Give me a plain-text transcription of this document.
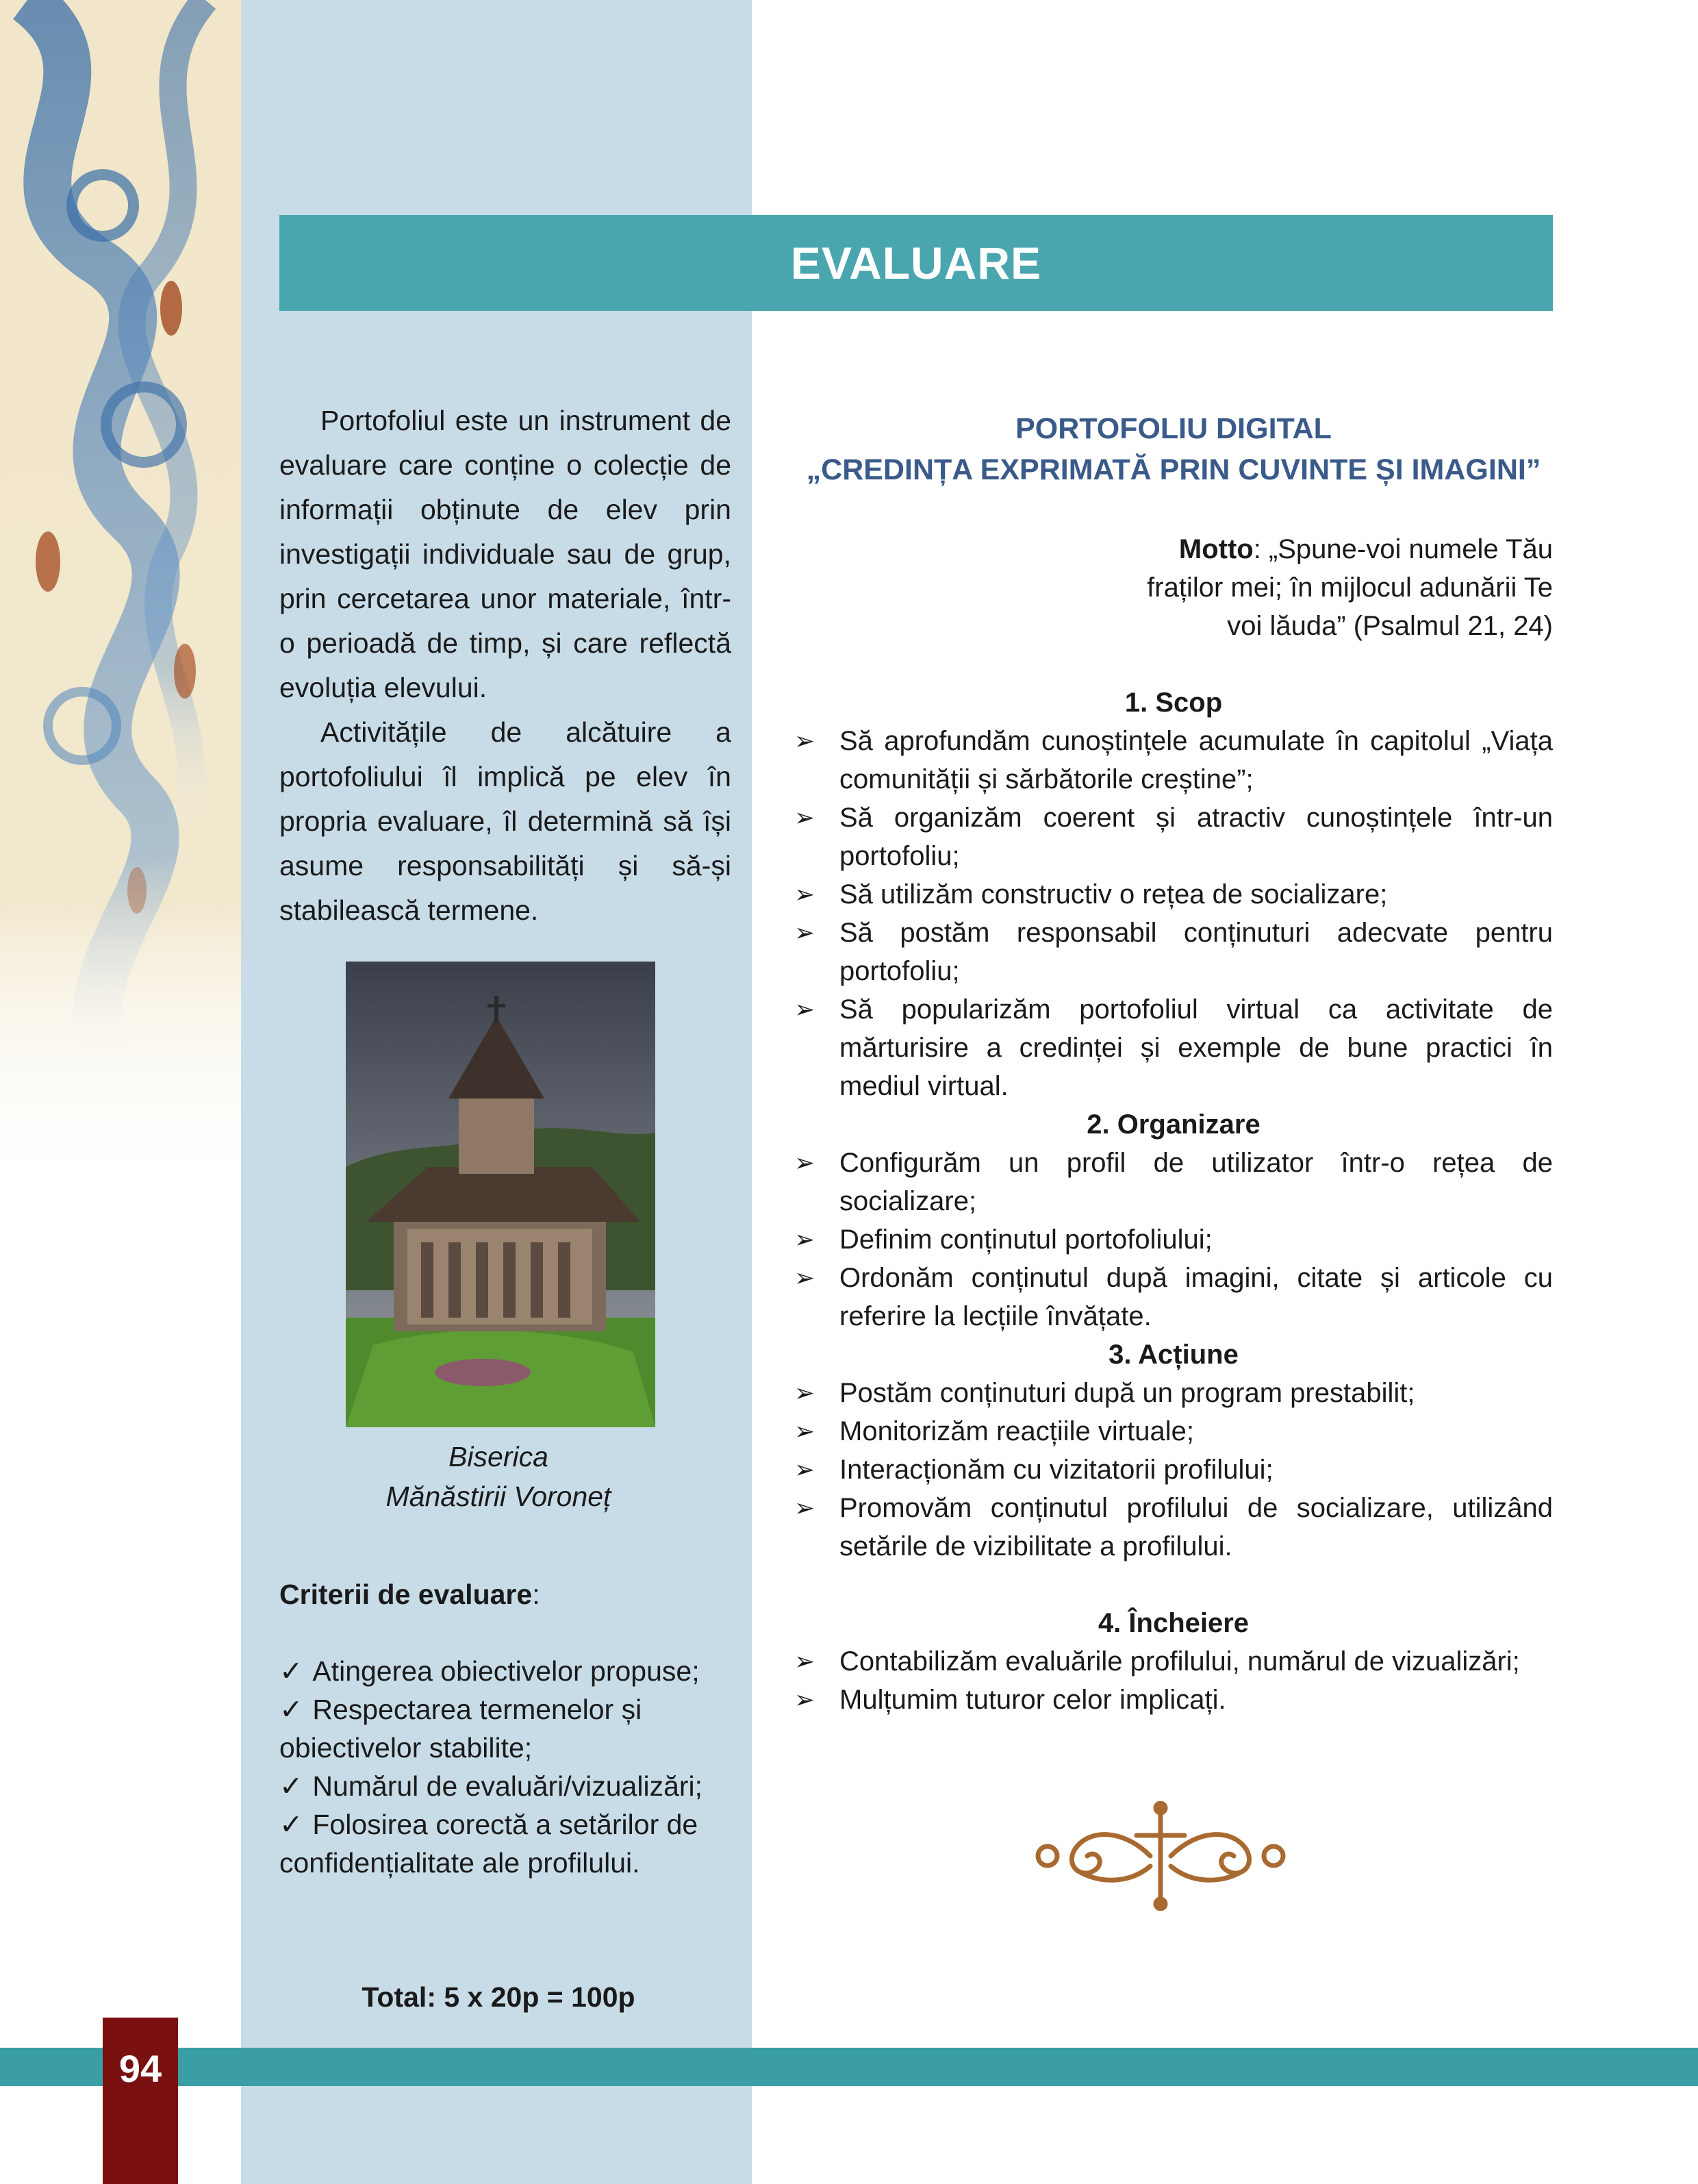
EVALUARE

Portofoliul este un instrument de evaluare care conține o colecție de informații obținute de elev prin investigații individuale sau de grup, prin cercetarea unor materiale, într-o perioadă de timp, și care reflectă evoluția elevului.

Activitățile de alcătuire a portofoliului îl implică pe elev în propria evaluare, îl determină să își asume responsabilități și să-și stabilească termene.

Biserica
Mănăstirii Voroneț
Criterii de evaluare:

✓ Atingerea obiectivelor propuse;

✓ Respectarea termenelor și obiectivelor stabilite;

✓ Numărul de evaluări/vizualizări;

✓ Folosirea corectă a setărilor de confidențialitate ale profilului.

Total: 5 x 20p = 100p
PORTOFOLIU DIGITAL
„CREDINȚA EXPRIMATĂ PRIN CUVINTE ȘI IMAGINI”
Motto: „Spune-voi numele Tău
fraților mei; în mijlocul adunării Te
voi lăuda” (Psalmul 21, 24)
1. Scop
➢ Să aprofundăm cunoștințele acumulate în capitolul „Viața comunității și sărbătorile creștine”;
➢ Să organizăm coerent și atractiv cunoștințele într-un portofoliu;
➢ Să utilizăm constructiv o rețea de socializare;
➢ Să postăm responsabil conținuturi adecvate pentru portofoliu;
➢ Să popularizăm portofoliul virtual ca activitate de mărturisire a credinței și exemple de bune practici în mediul virtual.
2. Organizare
➢ Configurăm un profil de utilizator într-o rețea de socializare;
➢ Definim conținutul portofoliului;
➢ Ordonăm conținutul după imagini, citate și articole cu referire la lecțiile învățate.
3. Acțiune
➢ Postăm conținuturi după un program prestabilit;
➢ Monitorizăm reacțiile virtuale;
➢ Interacționăm cu vizitatorii profilului;
➢ Promovăm conținutul profilului de socializare, utilizând setările de vizibilitate a profilului.
4. Încheiere
➢ Contabilizăm evaluările profilului, numărul de vizualizări;
➢ Mulțumim tuturor celor implicați.
94
